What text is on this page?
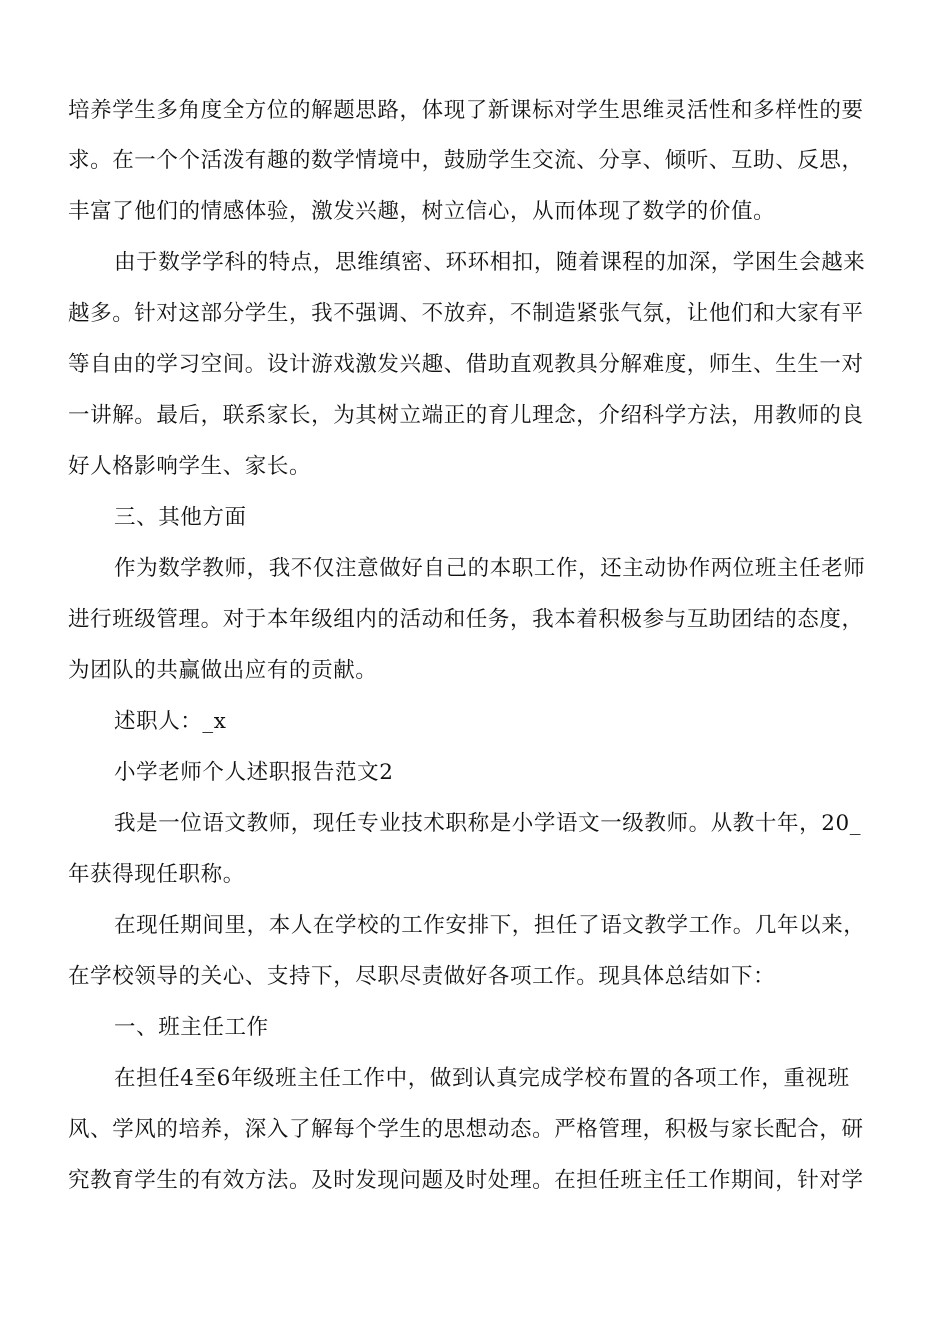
培养学生多角度全方位的解题思路，体现了新课标对学生思维灵活性和多样性的要
求。在一个个活泼有趣的数学情境中，鼓励学生交流、分享、倾听、互助、反思，
丰富了他们的情感体验，激发兴趣，树立信心，从而体现了数学的价值。
由于数学学科的特点，思维缜密、环环相扣，随着课程的加深，学困生会越来
越多。针对这部分学生，我不强调、不放弃，不制造紧张气氛，让他们和大家有平
等自由的学习空间。设计游戏激发兴趣、借助直观教具分解难度，师生、生生一对
一讲解。最后，联系家长，为其树立端正的育儿理念，介绍科学方法，用教师的良
好人格影响学生、家长。
三、其他方面
作为数学教师，我不仅注意做好自己的本职工作，还主动协作两位班主任老师
进行班级管理。对于本年级组内的活动和任务，我本着积极参与互助团结的态度，
为团队的共赢做出应有的贡献。
述职人：_x
小学老师个人述职报告范文2
我是一位语文教师，现任专业技术职称是小学语文一级教师。从教十年，20_
年获得现任职称。
在现任期间里，本人在学校的工作安排下，担任了语文教学工作。几年以来，
在学校领导的关心、支持下，尽职尽责做好各项工作。现具体总结如下：
一、班主任工作
在担任4至6年级班主任工作中，做到认真完成学校布置的各项工作，重视班
风、学风的培养，深入了解每个学生的思想动态。严格管理，积极与家长配合，研
究教育学生的有效方法。及时发现问题及时处理。在担任班主任工作期间，针对学
